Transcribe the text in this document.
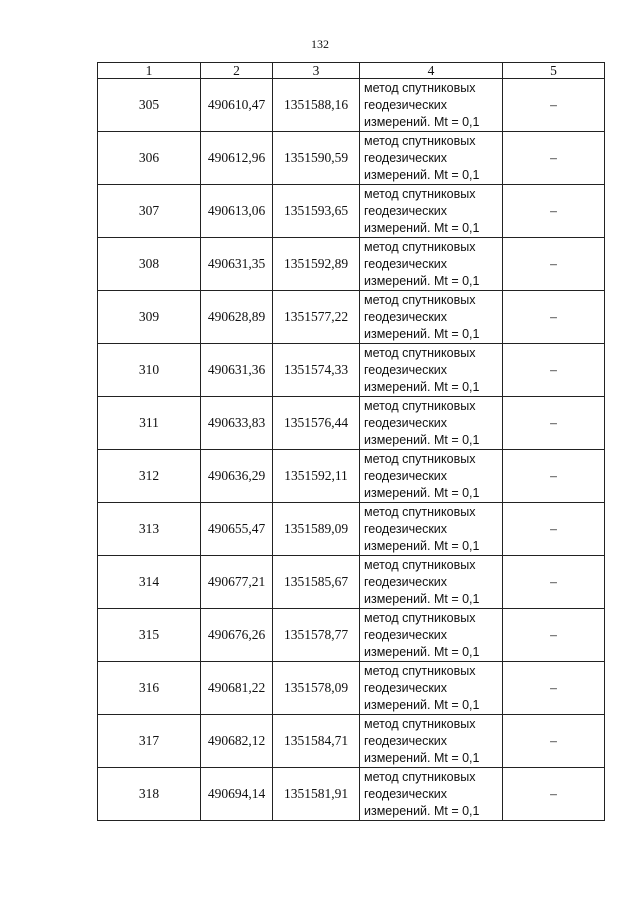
132
1	2	3	4	5
305	490610,47	1351588,16	метод спутниковых
геодезических
измерений. Mt = 0,1	–
306	490612,96	1351590,59	метод спутниковых
геодезических
измерений. Mt = 0,1	–
307	490613,06	1351593,65	метод спутниковых
геодезических
измерений. Mt = 0,1	–
308	490631,35	1351592,89	метод спутниковых
геодезических
измерений. Mt = 0,1	–
309	490628,89	1351577,22	метод спутниковых
геодезических
измерений. Mt = 0,1	–
310	490631,36	1351574,33	метод спутниковых
геодезических
измерений. Mt = 0,1	–
311	490633,83	1351576,44	метод спутниковых
геодезических
измерений. Mt = 0,1	–
312	490636,29	1351592,11	метод спутниковых
геодезических
измерений. Mt = 0,1	–
313	490655,47	1351589,09	метод спутниковых
геодезических
измерений. Mt = 0,1	–
314	490677,21	1351585,67	метод спутниковых
геодезических
измерений. Mt = 0,1	–
315	490676,26	1351578,77	метод спутниковых
геодезических
измерений. Mt = 0,1	–
316	490681,22	1351578,09	метод спутниковых
геодезических
измерений. Mt = 0,1	–
317	490682,12	1351584,71	метод спутниковых
геодезических
измерений. Mt = 0,1	–
318	490694,14	1351581,91	метод спутниковых
геодезических
измерений. Mt = 0,1	–
